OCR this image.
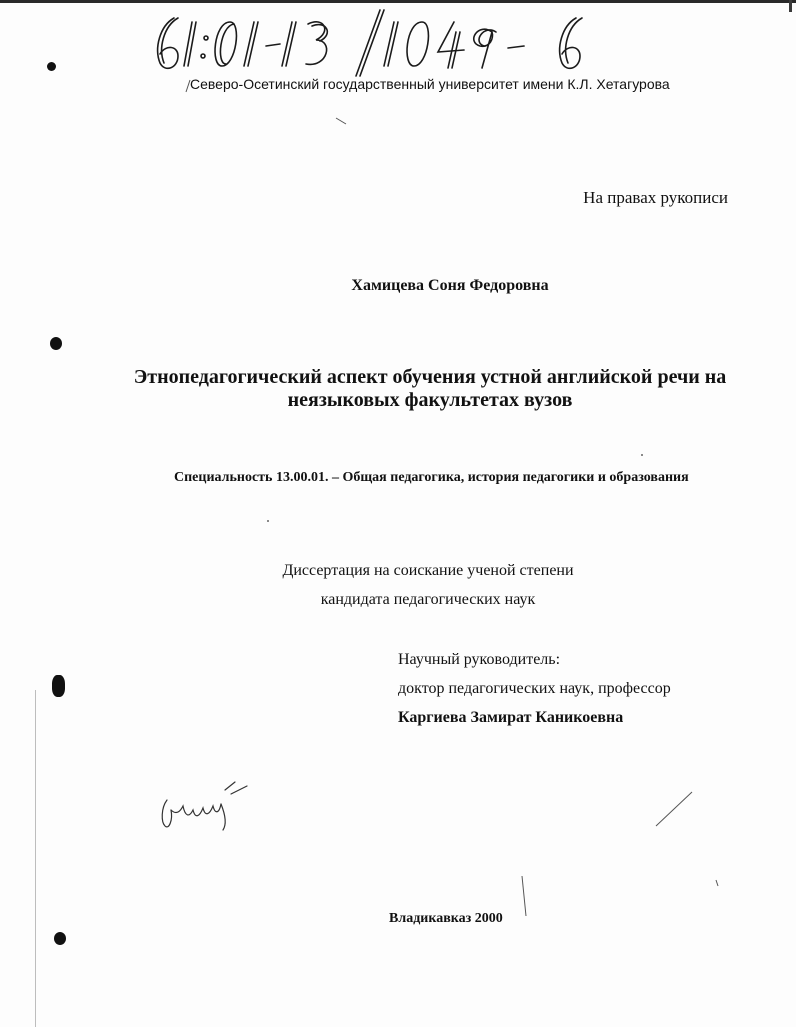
Северо-Осетинский государственный университет имени К.Л. Хетагурова
На правах рукописи
Хамицева Соня Федоровна
Этнопедагогический аспект обучения устной английской речи на
неязыковых факультетах вузов
Специальность 13.00.01. – Общая педагогика, история педагогики и образования
Диссертация на соискание ученой степени
кандидата педагогических наук
Научный руководитель:
доктор педагогических наук, профессор
Каргиева Замират Каникоевна
Владикавказ 2000
